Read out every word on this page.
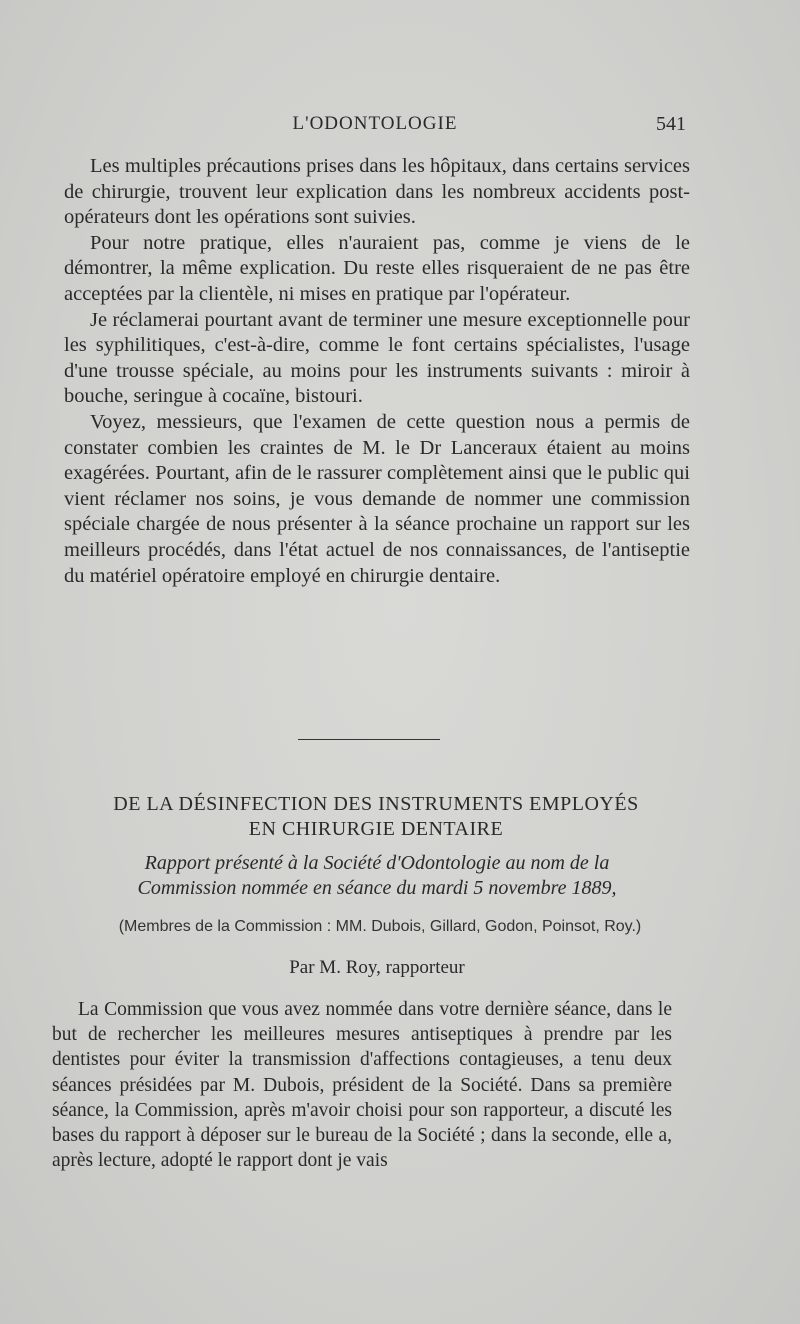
L'ODONTOLOGIE	541

Les multiples précautions prises dans les hôpitaux, dans certains services de chirurgie, trouvent leur explication dans les nombreux accidents post-opérateurs dont les opérations sont suivies.

Pour notre pratique, elles n'auraient pas, comme je viens de le démontrer, la même explication. Du reste elles risqueraient de ne pas être acceptées par la clientèle, ni mises en pratique par l'opérateur.

Je réclamerai pourtant avant de terminer une mesure exceptionnelle pour les syphilitiques, c'est-à-dire, comme le font certains spécialistes, l'usage d'une trousse spéciale, au moins pour les instruments suivants : miroir à bouche, seringue à cocaïne, bistouri.

Voyez, messieurs, que l'examen de cette question nous a permis de constater combien les craintes de M. le Dr Lanceraux étaient au moins exagérées. Pourtant, afin de le rassurer complètement ainsi que le public qui vient réclamer nos soins, je vous demande de nommer une commission spéciale chargée de nous présenter à la séance prochaine un rapport sur les meilleurs procédés, dans l'état actuel de nos connaissances, de l'antiseptie du matériel opératoire employé en chirurgie dentaire.

DE LA DÉSINFECTION DES INSTRUMENTS EMPLOYÉS
EN CHIRURGIE DENTAIRE
Rapport présenté à la Société d'Odontologie au nom de la
Commission nommée en séance du mardi 5 novembre 1889,
(Membres de la Commission : MM. Dubois, Gillard, Godon, Poinsot, Roy.)
Par M. Roy, rapporteur

La Commission que vous avez nommée dans votre dernière séance, dans le but de rechercher les meilleures mesures antiseptiques à prendre par les dentistes pour éviter la transmission d'affections contagieuses, a tenu deux séances présidées par M. Dubois, président de la Société. Dans sa première séance, la Commission, après m'avoir choisi pour son rapporteur, a discuté les bases du rapport à déposer sur le bureau de la Société ; dans la seconde, elle a, après lecture, adopté le rapport dont je vais
